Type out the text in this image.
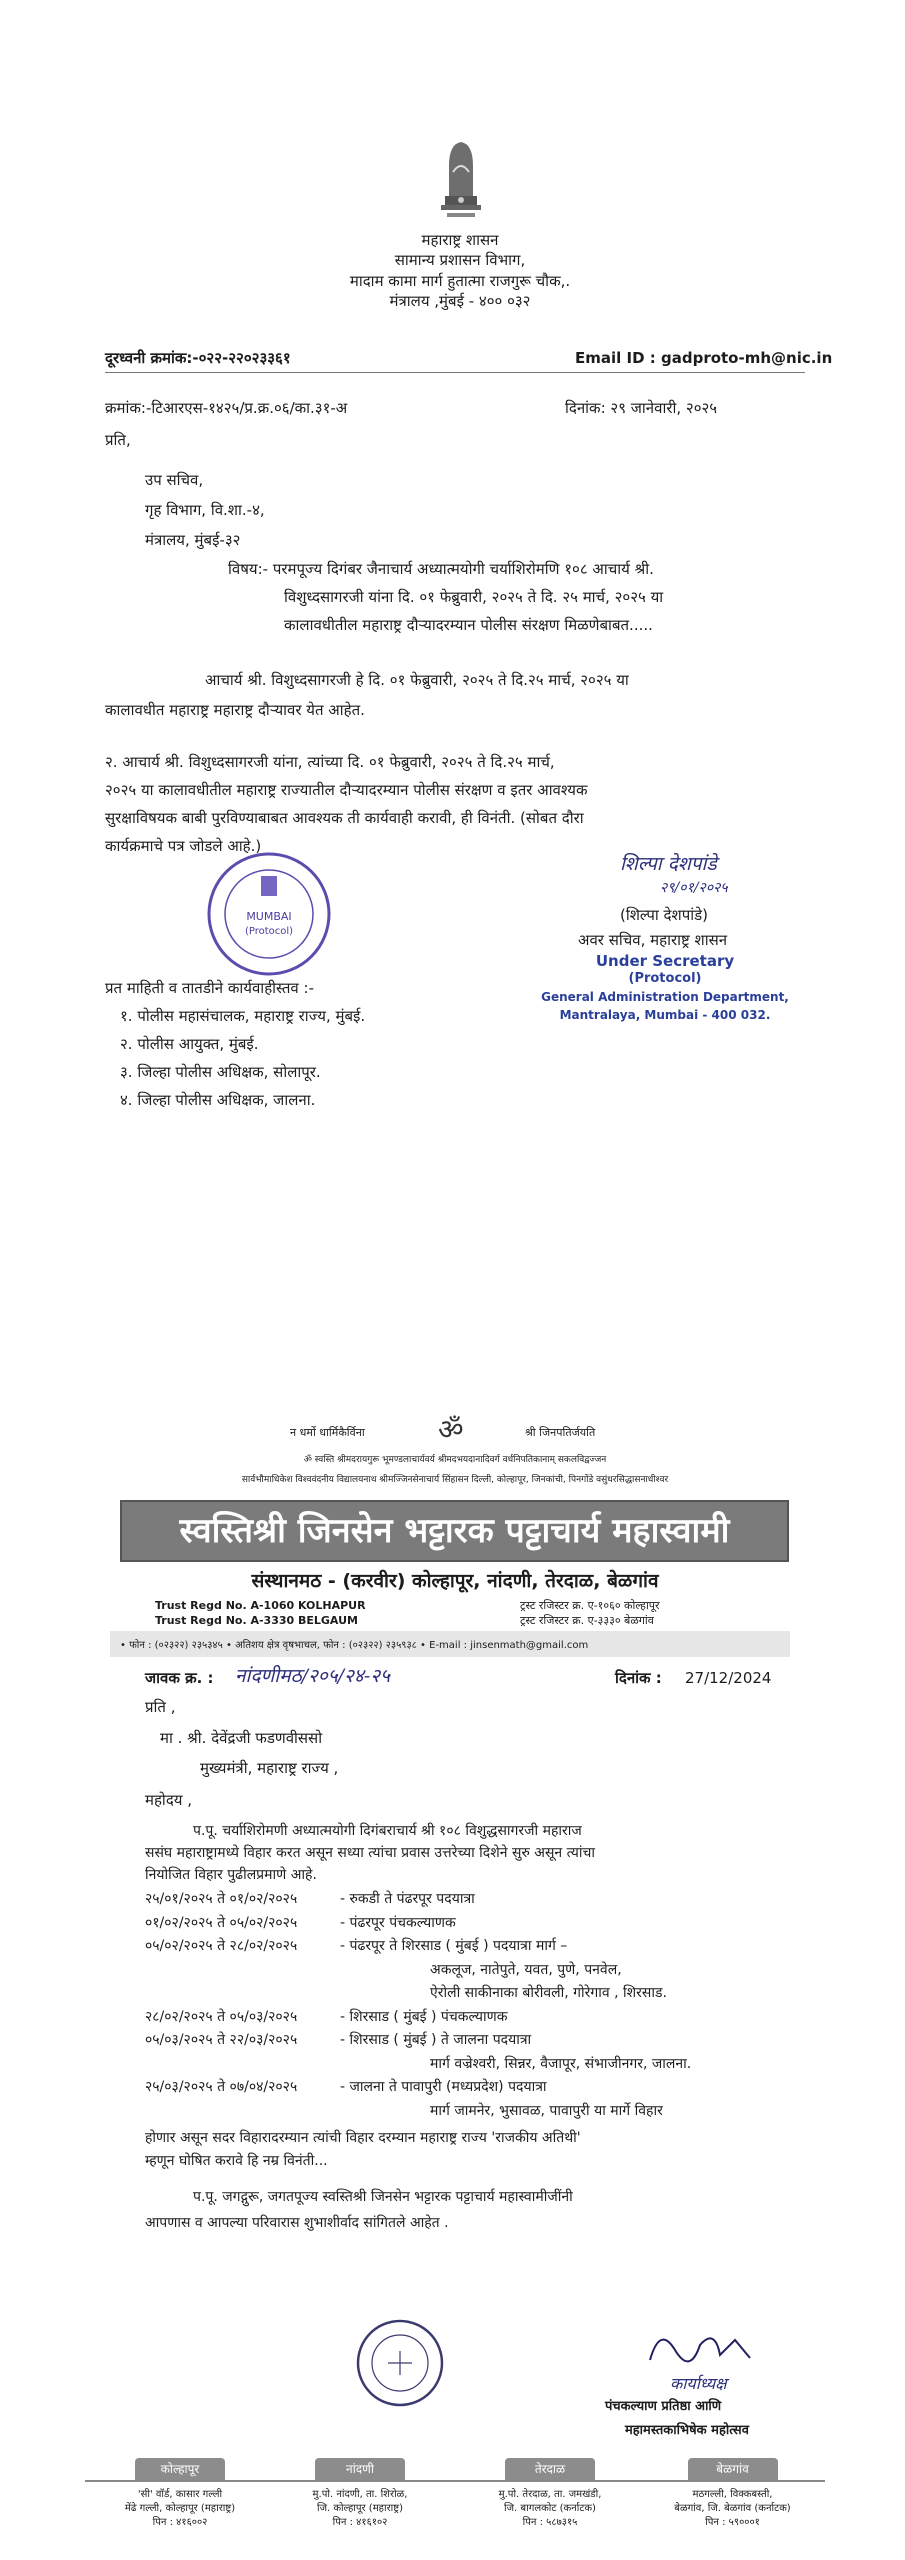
महाराष्ट्र शासन
सामान्य प्रशासन विभाग,
मादाम कामा मार्ग हुतात्मा राजगुरू चौक,.
मंत्रालय ,मुंबई - ४०० ०३२
दूरध्वनी क्रमांक:-०२२-२२०२३३६१	Email ID : gadproto-mh@nic.in
क्रमांक:-टिआरएस-१४२५/प्र.क्र.०६/का.३१-अ	दिनांक: २९ जानेवारी, २०२५
प्रति,
उप सचिव,
गृह विभाग, वि.शा.-४,
मंत्रालय, मुंबई-३२
विषय:- परमपूज्य दिगंबर जैनाचार्य अध्यात्मयोगी चर्याशिरोमणि १०८ आचार्य श्री.
विशुध्दसागरजी यांना दि. ०१ फेब्रुवारी, २०२५ ते दि. २५ मार्च, २०२५ या
कालावधीतील महाराष्ट्र दौऱ्यादरम्यान पोलीस संरक्षण मिळणेबाबत.....
आचार्य श्री. विशुध्दसागरजी हे दि. ०१ फेब्रुवारी, २०२५ ते दि.२५ मार्च, २०२५ या
कालावधीत महाराष्ट्र महाराष्ट्र दौऱ्यावर येत आहेत.
२. आचार्य श्री. विशुध्दसागरजी यांना, त्यांच्या दि. ०१ फेब्रुवारी, २०२५ ते दि.२५ मार्च,
२०२५ या कालावधीतील महाराष्ट्र राज्यातील दौऱ्यादरम्यान पोलीस संरक्षण व इतर आवश्यक
सुरक्षाविषयक बाबी पुरविण्याबाबत आवश्यक ती कार्यवाही करावी, ही विनंती. (सोबत दौरा
कार्यक्रमाचे पत्र जोडले आहे.)
MUMBAI
(Protocol)
शिल्पा देशपांडे
२९/०१/२०२५
(शिल्पा देशपांडे)
अवर सचिव, महाराष्ट्र शासन
Under Secretary
(Protocol)
General Administration Department,
Mantralaya, Mumbai - 400 032.
प्रत माहिती व तातडीने कार्यवाहीस्तव :-
१. पोलीस महासंचालक, महाराष्ट्र राज्य, मुंबई.
२. पोलीस आयुक्त, मुंबई.
३. जिल्हा पोलीस अधिक्षक, सोलापूर.
४. जिल्हा पोलीस अधिक्षक, जालना.
न धर्मो धार्मिकैर्विना	ॐ	श्री जिनपतिर्जयति
ॐ स्वस्ति श्रीमदरायगुरू भूमण्डलाचार्यवर्य श्रीमदभयदानादिवर्ग वर्धनिपतिकानाम् सकलविद्वज्जन
सार्वभौमाधिकेश विश्ववंदनीय विद्यालयनाथ श्रीमज्जिनसेनाचार्य सिंहासन दिल्ली, कोल्हापूर, जिनकांची, पिनगोंडे वसुंधरसिद्धासनाधीश्वर
स्वस्तिश्री जिनसेन भट्टारक पट्टाचार्य महास्वामी
संस्थानमठ - (करवीर) कोल्हापूर, नांदणी, तेरदाळ, बेळगांव
Trust Regd No. A-1060 KOLHAPUR
Trust Regd No. A-3330 BELGAUM
ट्रस्ट रजिस्टर क्र. ए-१०६० कोल्हापूर
ट्रस्ट रजिस्टर क्र. ए-३३३० बेळगांव
• फोन : (०२३२२) २३५३४५ • अतिशय क्षेत्र वृषभाचल, फोन : (०२३२२) २३५९३८ • E-mail : jinsenmath@gmail.com
जावक क्र. : नांदणीमठ/२०५/२४-२५	दिनांक : 27/12/2024
प्रति ,
मा . श्री. देवेंद्रजी फडणवीससो
मुख्यमंत्री, महाराष्ट्र राज्य ,
महोदय ,
प.पू. चर्याशिरोमणी अध्यात्मयोगी दिगंबराचार्य श्री १०८ विशुद्धसागरजी महाराज
ससंघ महाराष्ट्रामध्ये विहार करत असून सध्या त्यांचा प्रवास उत्तरेच्या दिशेने सुरु असून त्यांचा
नियोजित विहार पुढीलप्रमाणे आहे.
२५/०१/२०२५ ते ०१/०२/२०२५	- रुकडी ते पंढरपूर पदयात्रा
०१/०२/२०२५ ते ०५/०२/२०२५	- पंढरपूर पंचकल्याणक
०५/०२/२०२५ ते २८/०२/२०२५	- पंढरपूर ते शिरसाड ( मुंबई ) पदयात्रा मार्ग –
अकलूज, नातेपुते, यवत, पुणे, पनवेल,
ऐरोली साकीनाका बोरीवली, गोरेगाव , शिरसाड.
२८/०२/२०२५ ते ०५/०३/२०२५	- शिरसाड ( मुंबई ) पंचकल्याणक
०५/०३/२०२५ ते २२/०३/२०२५	- शिरसाड ( मुंबई ) ते जालना पदयात्रा
मार्ग वज्रेश्वरी, सिन्नर, वैजापूर, संभाजीनगर, जालना.
२५/०३/२०२५ ते ०७/०४/२०२५	- जालना ते पावापुरी (मध्यप्रदेश) पदयात्रा
मार्ग जामनेर, भुसावळ, पावापुरी या मार्गे विहार
होणार असून सदर विहारादरम्यान त्यांची विहार दरम्यान महाराष्ट्र राज्य 'राजकीय अतिथी'
म्हणून घोषित करावे हि नम्र विनंती...
प.पू. जगद्गुरू, जगतपूज्य स्वस्तिश्री जिनसेन भट्टारक पट्टाचार्य महास्वामीजींनी
आपणास व आपल्या परिवारास शुभाशीर्वाद सांगितले आहेत .
कार्याध्यक्ष
पंचकल्याण प्रतिष्ठा आणि
महामस्तकाभिषेक महोत्सव
कोल्हापूर
'सी' वॉर्ड, कासार गल्ली
मेंढे गल्ली, कोल्हापूर (महाराष्ट्र)
पिन : ४१६००२
नांदणी
मु.पो. नांदणी, ता. शिरोळ,
जि. कोल्हापूर (महाराष्ट्र)
पिन : ४१६१०२
तेरदाळ
मु.पो. तेरदाळ, ता. जमखंडी,
जि. बागलकोट (कर्नाटक)
पिन : ५८७३१५
बेळगांव
मठगल्ली, विक्कबस्ती,
बेळगांव, जि. बेळगांव (कर्नाटक)
पिन : ५९०००१
